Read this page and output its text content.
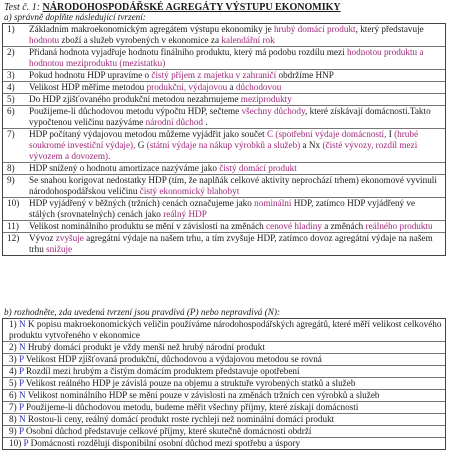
Test č. 1: NÁRODOHOSPODÁŘSKÉ AGREGÁTY VÝSTUPU EKONOMIKY
a) správně doplňte následující tvrzení:
1) Základním makroekonomickým agregátem výstupu ekonomiky je hrubý domácí produkt, který představuje hodnotu zboží a služeb vyrobených v ekonomice za kalendářní rok
2) Přidaná hodnota vyjadřuje hodnotu finálního produktu, který má podobu rozdílu mezi hodnotou produktu a hodnotou meziproduktu (mezistatku)
3) Pokud hodnotu HDP upravíme o čistý příjem z majetku v zahraničí obdržíme HNP
4) Velikost HDP měříme metodou produkční, výdajovou a důchodovou
5) Do HDP zjišťovaného produkční metodou nezahrnujeme meziprodukty
6) Použijeme-li důchodovou metodu výpočtu HDP, sečteme všechny důchody, které získávají domácnosti.Takto vypočtenou veličinu nazýváme národní důchod .
7) HDP počítaný výdajovou metodou můžeme vyjádřit jako součet C (spotřební výdaje domácností, I (hrubé soukromé investiční výdaje), G (státní výdaje na nákup výrobků a služeb) a Nx (čisté vývozy, rozdíl mezi vývozem a dovozem).
8) HDP snížený o hodnotu amortizace nazýváme jako čistý domácí produkt
9) Se snahou korigovat nedostatky HDP (tím, že naplňák celkové aktivity neprochází trhem) ekonomové vyvinuli národohospodářskou veličinu čistý ekonomický blahobyt
10) HDP vyjádřený v běžných (tržních) cenách označujeme jako nominální HDP, zatímco HDP vyjádřený ve stálých (srovnatelných) cenách jako reálný HDP
11) Velikost nominálního produktu se mění v závislosti na změnách cenové hladiny a změnách reálného produktu
12) Vývoz zvyšuje agregátní výdaje na našem trhu, a tím zvyšuje HDP, zatímco dovoz agregátní výdaje na našem trhu snižuje
b) rozhodněte, zda uvedená tvrzení jsou pravdivá (P) nebo nepravdivá (N):
1) N K popisu makroekonomických veličin používáme národohospodářských agregátů, které měří velikost celkového produktu vytvořeného v ekonomice
2) N Hrubý domácí produkt je vždy menší než hrubý národní produkt
3) P Velikost HDP zjišťovaná produkční, důchodovou a výdajovou metodou se rovná
4) P Rozdíl mezi hrubým a čistým domácím produktem představuje opotřebení
5) P Velikost reálného HDP je závislá pouze na objemu a struktuře vyrobených statků a služeb
6) N Velikost nominálního HDP se mění pouze v závislosti na změnách tržních cen výrobků a služeb
7) P Použijeme-li důchodovou metodu, budeme měřit všechny příjmy, které získají domácnosti
8) N Rostou-li ceny, reálný domácí produkt roste rychleji než nominální domácí produkt
9) P Osobní důchod představuje celkové příjmy, které skutečně domácnosti obdrží
10) P Domácnosti rozdělují disponibilní osobní důchod mezi spotřebu a úspory
